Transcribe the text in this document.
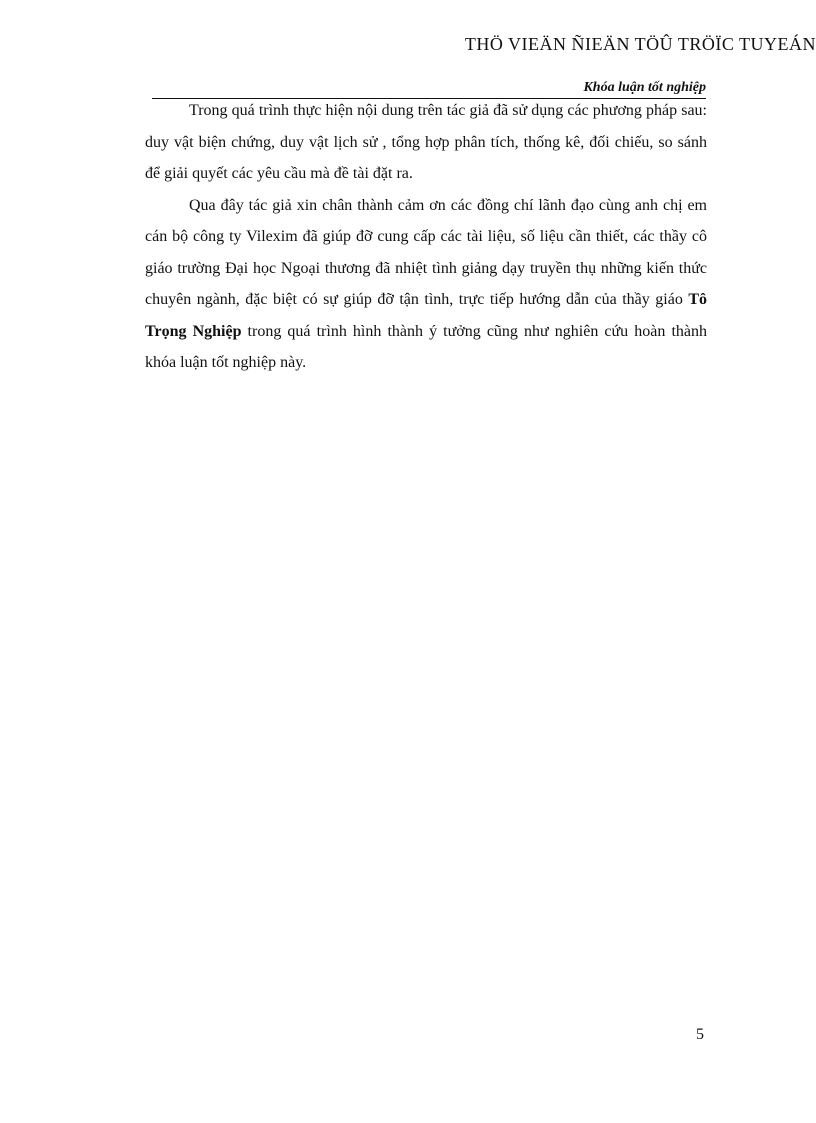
THÖ VIEÄN ÑIEÄN TÖÛ TRÖÏC TUYEÁN
Khóa luận tốt nghiệp

Trong quá trình thực hiện nội dung trên tác giả đã sử dụng các phương pháp sau: duy vật biện chứng, duy vật lịch sử , tổng hợp phân tích, thống kê, đối chiếu, so sánh để giải quyết các yêu cầu mà đề tài đặt ra.

Qua đây tác giả xin chân thành cảm ơn các đồng chí lãnh đạo cùng anh chị em cán bộ công ty Vilexim đã giúp đỡ cung cấp các tài liệu, số liệu cần thiết, các thầy cô giáo trường Đại học Ngoại thương đã nhiệt tình giảng dạy truyền thụ những kiến thức chuyên ngành, đặc biệt có sự giúp đỡ tận tình, trực tiếp hướng dẫn của thầy giáo Tô Trọng Nghiệp trong quá trình hình thành ý tưởng cũng như nghiên cứu hoàn thành khóa luận tốt nghiệp này.

5
